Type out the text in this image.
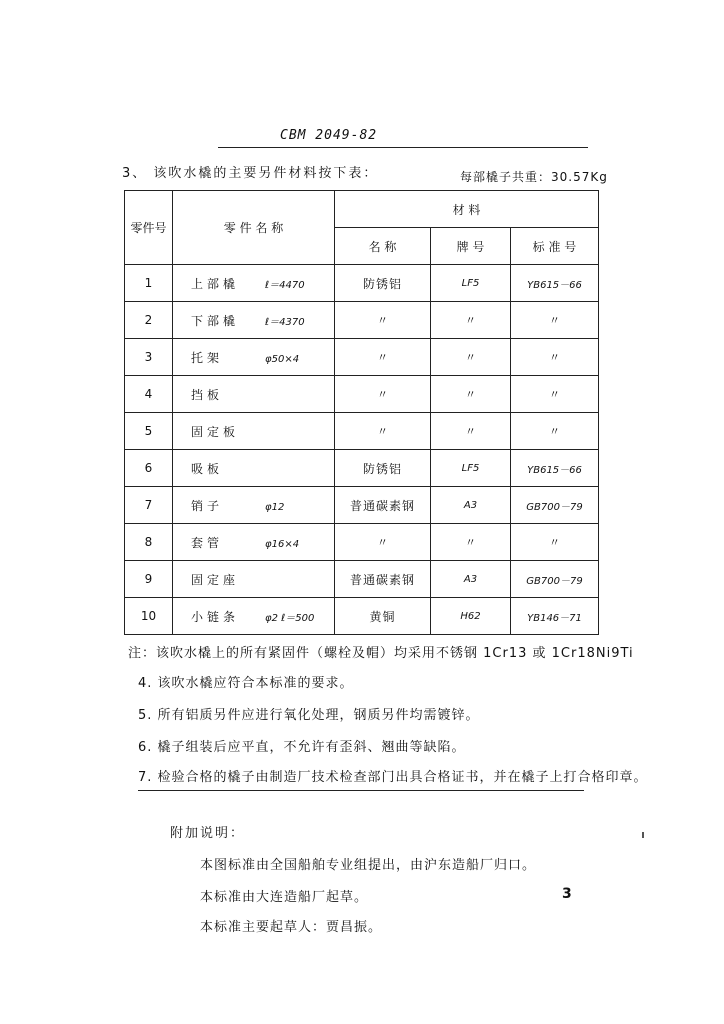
CBM 2049-82
3、 该吹水橇的主要另件材料按下表：	每部橇子共重：30.57Kg
零件号	零 件 名 称	材 料		
		名 称	牌 号	标 准 号
1	上部橇 ℓ＝4470	防锈铝	LF5	YB615－66
2	下部橇 ℓ＝4370	〃	〃	〃
3	托架 φ50×4	〃	〃	〃
4	挡板	〃	〃	〃
5	固定板	〃	〃	〃
6	吸板	防锈铝	LF5	YB615－66
7	销子 φ12	普通碳素钢	A3	GB700－79
8	套管 φ16×4	〃	〃	〃
9	固定座	普通碳素钢	A3	GB700－79
10	小链条 φ2 ℓ＝500	黄铜	H62	YB146－71
注：该吹水橇上的所有紧固件（螺栓及帽）均采用不锈钢 1Cr13 或 1Cr18Ni9Ti
4. 该吹水橇应符合本标准的要求。
5. 所有铝质另件应进行氧化处理，钢质另件均需镀锌。
6. 橇子组装后应平直，不允许有歪斜、翘曲等缺陷。
7. 检验合格的橇子由制造厂技术检查部门出具合格证书，并在橇子上打合格印章。
附加说明：
本图标准由全国船舶专业组提出，由沪东造船厂归口。
本标准由大连造船厂起草。
本标准主要起草人：贾昌振。
3
